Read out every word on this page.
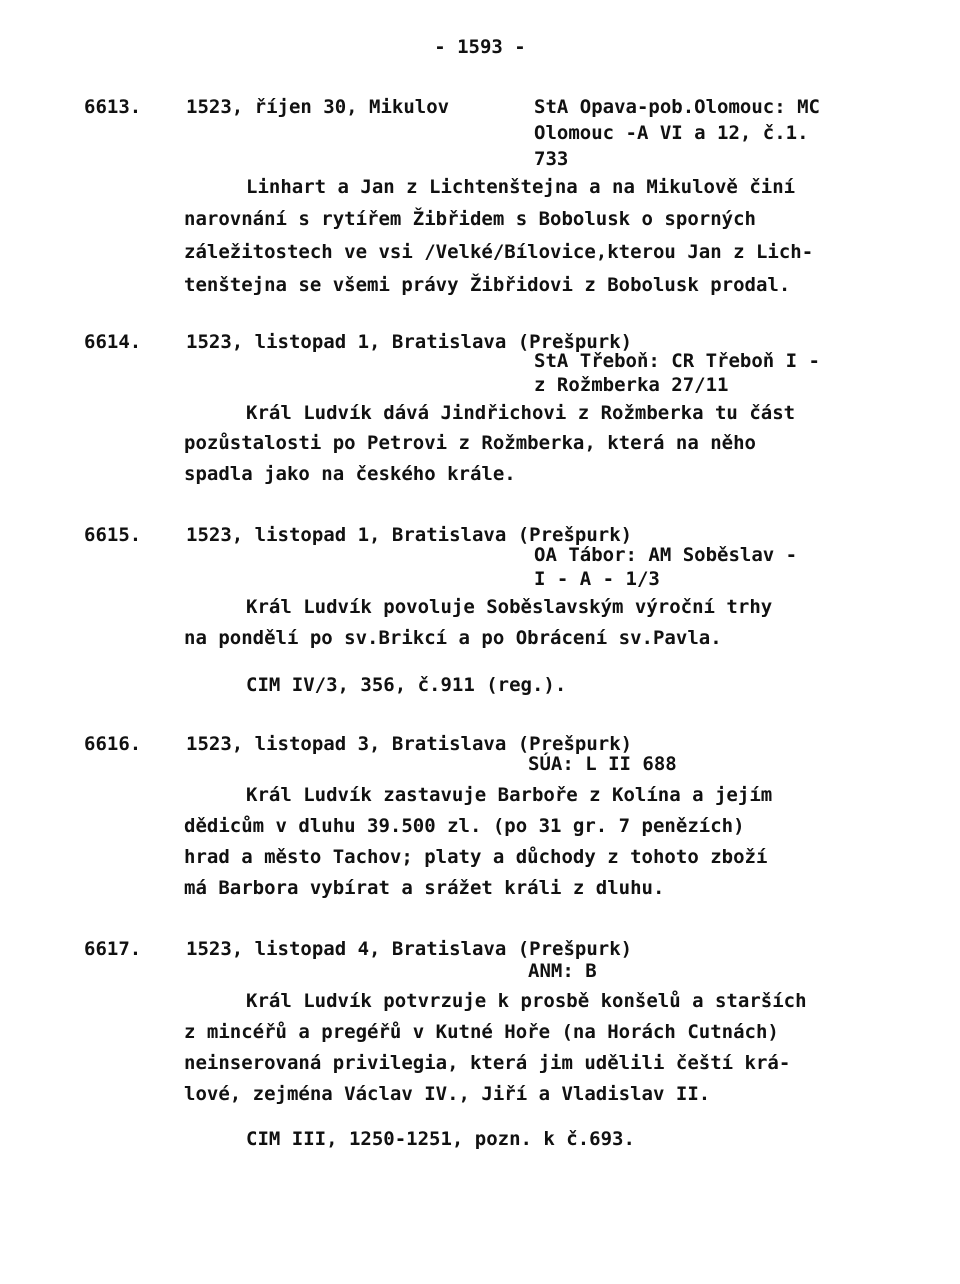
- 1593 -
6613. 1523, říjen 30, Mikulov	StA Opava-pob.Olomouc: MC
Olomouc -A VI a 12, č.1.
733
Linhart a Jan z Lichtenštejna a na Mikulově činí
narovnání s rytířem Žibřidem s Bobolusk o sporných
záležitostech ve vsi /Velké/Bílovice,kterou Jan z Lich-
tenštejna se všemi právy Žibřidovi z Bobolusk prodal.
6614. 1523, listopad 1, Bratislava (Prešpurk)
StA Třeboň: CR Třeboň I -
z Rožmberka 27/11
Král Ludvík dává Jindřichovi z Rožmberka tu část
pozůstalosti po Petrovi z Rožmberka, která na něho
spadla jako na českého krále.
6615. 1523, listopad 1, Bratislava (Prešpurk)
OA Tábor: AM Soběslav -
I - A - 1/3
Král Ludvík povoluje Soběslavským výroční trhy
na pondělí po sv.Brikcí a po Obrácení sv.Pavla.
CIM IV/3, 356, č.911 (reg.).
6616. 1523, listopad 3, Bratislava (Prešpurk)
SÚA: L II 688
Král Ludvík zastavuje Barboře z Kolína a jejím
dědicům v dluhu 39.500 zl. (po 31 gr. 7 penězích)
hrad a město Tachov; platy a důchody z tohoto zboží
má Barbora vybírat a srážet králi z dluhu.
6617. 1523, listopad 4, Bratislava (Prešpurk)
ANM: B
Král Ludvík potvrzuje k prosbě konšelů a starších
z mincéřů a pregéřů v Kutné Hoře (na Horách Cutnách)
neinserovaná privilegia, která jim udělili čeští krá-
lové, zejména Václav IV., Jiří a Vladislav II.
CIM III, 1250-1251, pozn. k č.693.
